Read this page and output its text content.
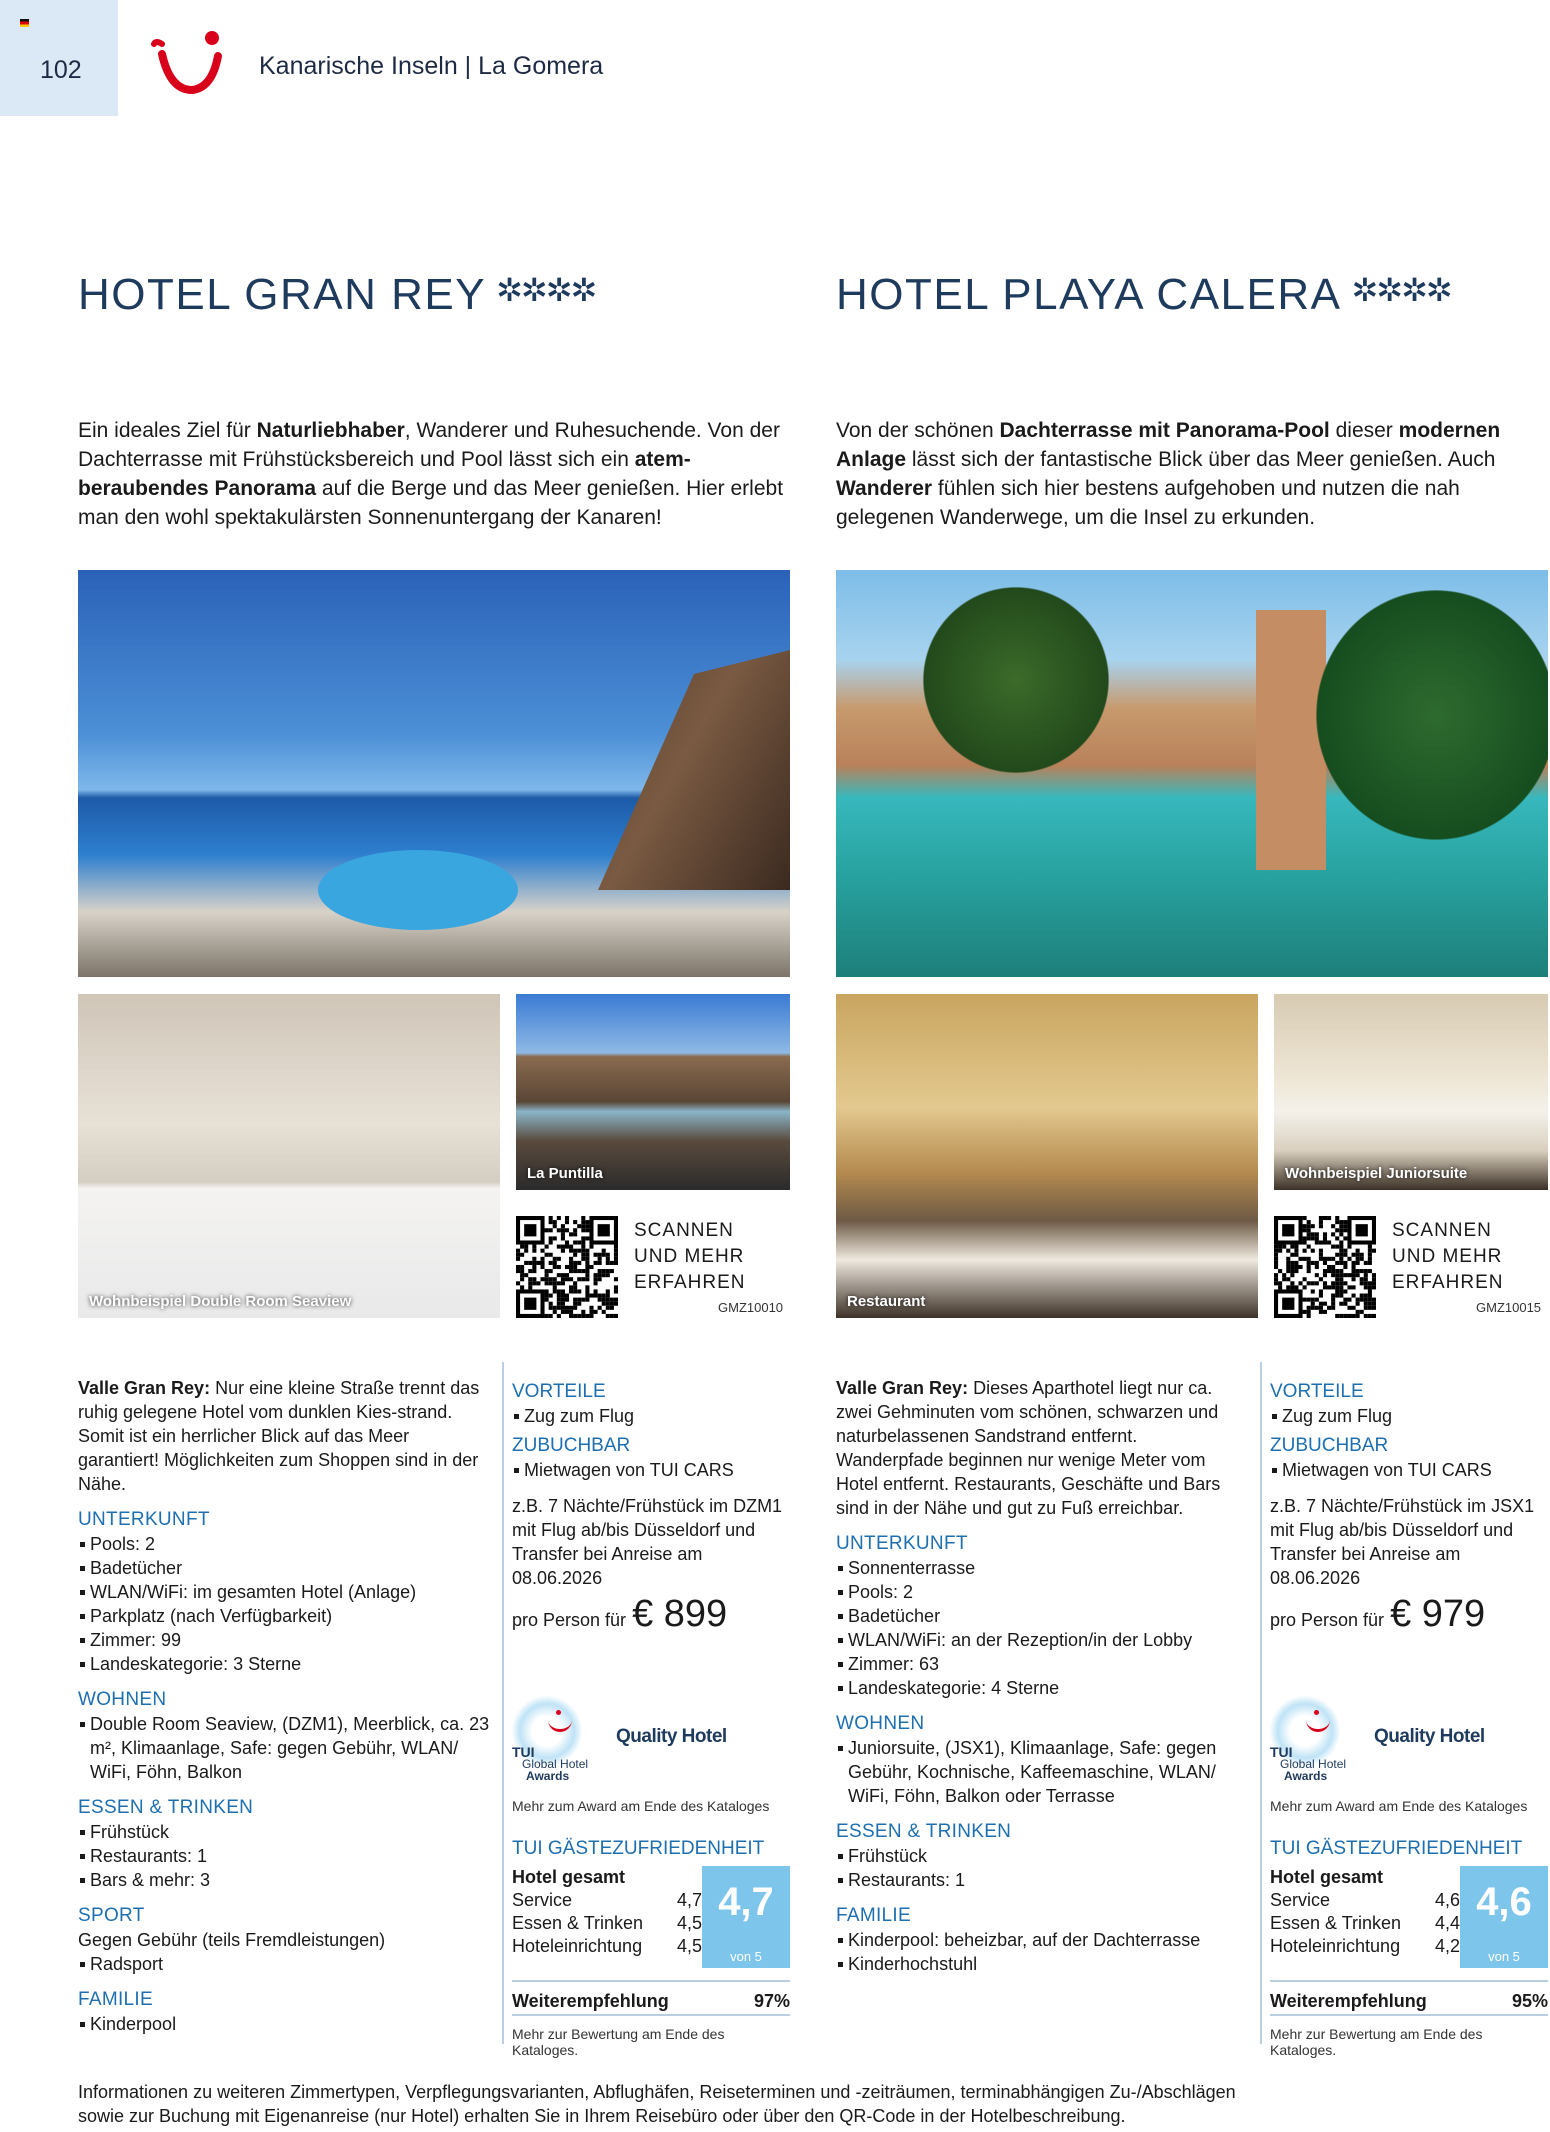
102	Kanarische Inseln | La Gomera
HOTEL GRAN REY ✲✲✲✲
Ein ideales Ziel für Naturliebhaber, Wanderer und Ruhesuchende. Von der Dachterrasse mit Frühstücksbereich und Pool lässt sich ein atem-beraubendes Panorama auf die Berge und das Meer genießen. Hier erlebt man den wohl spektakulärsten Sonnenuntergang der Kanaren!
Wohnbeispiel Double Room Seaview
La Puntilla
SCANNEN
UND MEHR
ERFAHREN
GMZ10010
Valle Gran Rey: Nur eine kleine Straße trennt das ruhig gelegene Hotel vom dunklen Kies-strand. Somit ist ein herrlicher Blick auf das Meer garantiert! Möglichkeiten zum Shoppen sind in der Nähe.
UNTERKUNFT
Pools: 2
Badetücher
WLAN/WiFi: im gesamten Hotel (Anlage)
Parkplatz (nach Verfügbarkeit)
Zimmer: 99
Landeskategorie: 3 Sterne
WOHNEN
Double Room Seaview, (DZM1), Meerblick, ca. 23 m², Klimaanlage, Safe: gegen Gebühr, WLAN/ WiFi, Föhn, Balkon
ESSEN & TRINKEN
Frühstück
Restaurants: 1
Bars & mehr: 3
SPORT
Gegen Gebühr (teils Fremdleistungen)
Radsport
FAMILIE
Kinderpool
VORTEILE
Zug zum Flug
ZUBUCHBAR
Mietwagen von TUI CARS
z.B. 7 Nächte/Frühstück im DZM1 mit Flug ab/bis Düsseldorf und Transfer bei Anreise am 08.06.2026
pro Person für € 899
Quality Hotel
TUI
Global Hotel
Awards
Mehr zum Award am Ende des Kataloges
TUI GÄSTEZUFRIEDENHEIT
Hotel gesamt
Service	4,7
Essen & Trinken 4,5
Hoteleinrichtung 4,5
4,7
von 5
Weiterempfehlung	97%
Mehr zur Bewertung am Ende des Kataloges.
HOTEL PLAYA CALERA ✲✲✲✲
Von der schönen Dachterrasse mit Panorama-Pool dieser modernen Anlage lässt sich der fantastische Blick über das Meer genießen. Auch Wanderer fühlen sich hier bestens aufgehoben und nutzen die nah gelegenen Wanderwege, um die Insel zu erkunden.
Restaurant
Wohnbeispiel Juniorsuite
SCANNEN
UND MEHR
ERFAHREN
GMZ10015
Valle Gran Rey: Dieses Aparthotel liegt nur ca. zwei Gehminuten vom schönen, schwarzen und naturbelassenen Sandstrand entfernt. Wanderpfade beginnen nur wenige Meter vom Hotel entfernt. Restaurants, Geschäfte und Bars sind in der Nähe und gut zu Fuß erreichbar.
UNTERKUNFT
Sonnenterrasse
Pools: 2
Badetücher
WLAN/WiFi: an der Rezeption/in der Lobby
Zimmer: 63
Landeskategorie: 4 Sterne
WOHNEN
Juniorsuite, (JSX1), Klimaanlage, Safe: gegen Gebühr, Kochnische, Kaffeemaschine, WLAN/ WiFi, Föhn, Balkon oder Terrasse
ESSEN & TRINKEN
Frühstück
Restaurants: 1
FAMILIE
Kinderpool: beheizbar, auf der Dachterrasse
Kinderhochstuhl
VORTEILE
Zug zum Flug
ZUBUCHBAR
Mietwagen von TUI CARS
z.B. 7 Nächte/Frühstück im JSX1 mit Flug ab/bis Düsseldorf und Transfer bei Anreise am 08.06.2026
pro Person für € 979
Quality Hotel
TUI
Global Hotel
Awards
Mehr zum Award am Ende des Kataloges
TUI GÄSTEZUFRIEDENHEIT
Hotel gesamt
Service	4,6
Essen & Trinken 4,4
Hoteleinrichtung 4,2
4,6
von 5
Weiterempfehlung	95%
Mehr zur Bewertung am Ende des Kataloges.
Informationen zu weiteren Zimmertypen, Verpflegungsvarianten, Abflughäfen, Reiseterminen und -zeiträumen, terminabhängigen Zu-/Abschlägen sowie zur Buchung mit Eigenanreise (nur Hotel) erhalten Sie in Ihrem Reisebüro oder über den QR-Code in der Hotelbeschreibung.
